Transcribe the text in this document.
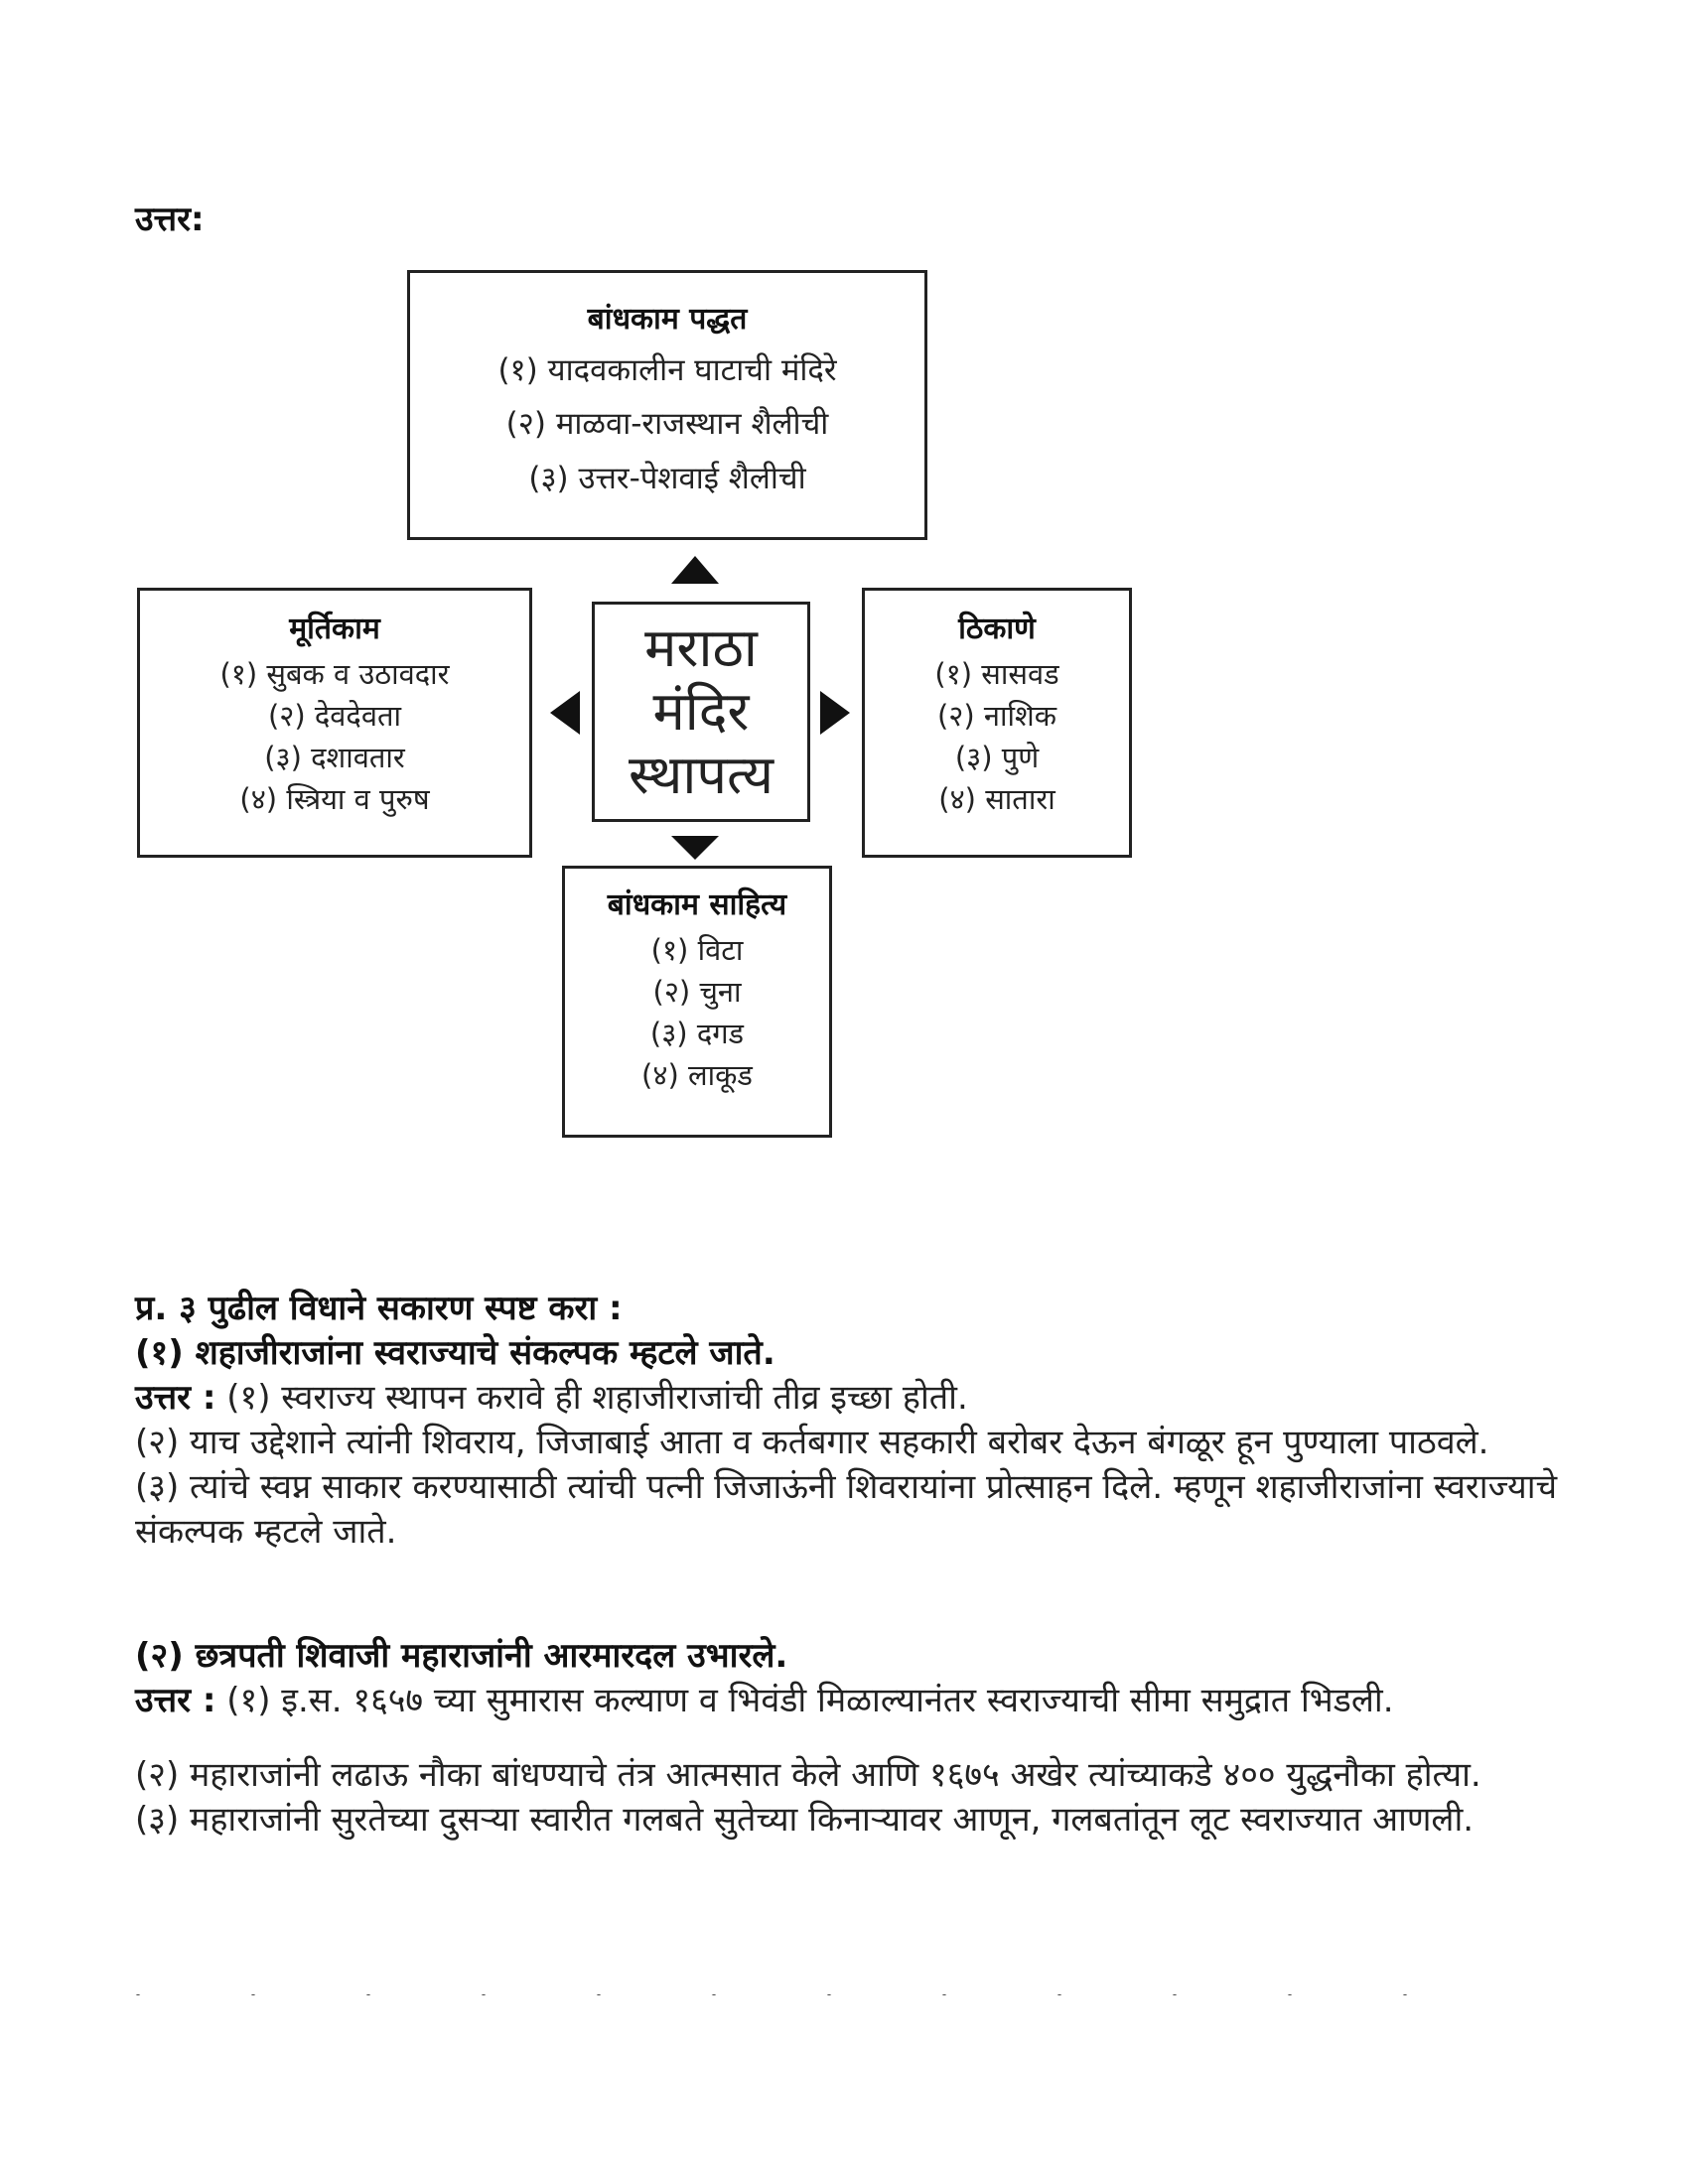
उत्तर:
बांधकाम पद्धत
(१) यादवकालीन घाटाची मंदिरे
(२) माळवा-राजस्थान शैलीची
(३) उत्तर-पेशवाई शैलीची
मूर्तिकाम
(१) सुबक व उठावदार
(२) देवदेवता
(३) दशावतार
(४) स्त्रिया व पुरुष
मराठा
मंदिर
स्थापत्य
ठिकाणे
(१) सासवड
(२) नाशिक
(३) पुणे
(४) सातारा
बांधकाम साहित्य
(१) विटा
(२) चुना
(३) दगड
(४) लाकूड
प्र. ३ पुढील विधाने सकारण स्पष्ट करा :
(१) शहाजीराजांना स्वराज्याचे संकल्पक म्हटले जाते.
उत्तर : (१) स्वराज्य स्थापन करावे ही शहाजीराजांची तीव्र इच्छा होती.
(२) याच उद्देशाने त्यांनी शिवराय, जिजाबाई आता व कर्तबगार सहकारी बरोबर देऊन बंगळूर हून पुण्याला पाठवले.
(३) त्यांचे स्वप्न साकार करण्यासाठी त्यांची पत्नी जिजाऊंनी शिवरायांना प्रोत्साहन दिले. म्हणून शहाजीराजांना स्वराज्याचे संकल्पक म्हटले जाते.
(२) छत्रपती शिवाजी महाराजांनी आरमारदल उभारले.
उत्तर : (१) इ.स. १६५७ च्या सुमारास कल्याण व भिवंडी मिळाल्यानंतर स्वराज्याची सीमा समुद्रात भिडली.
(२) महाराजांनी लढाऊ नौका बांधण्याचे तंत्र आत्मसात केले आणि १६७५ अखेर त्यांच्याकडे ४०० युद्धनौका होत्या.
(३) महाराजांनी सुरतेच्या दुसऱ्या स्वारीत गलबते सुतेच्या किनाऱ्यावर आणून, गलबतांतून लूट स्वराज्यात आणली.
